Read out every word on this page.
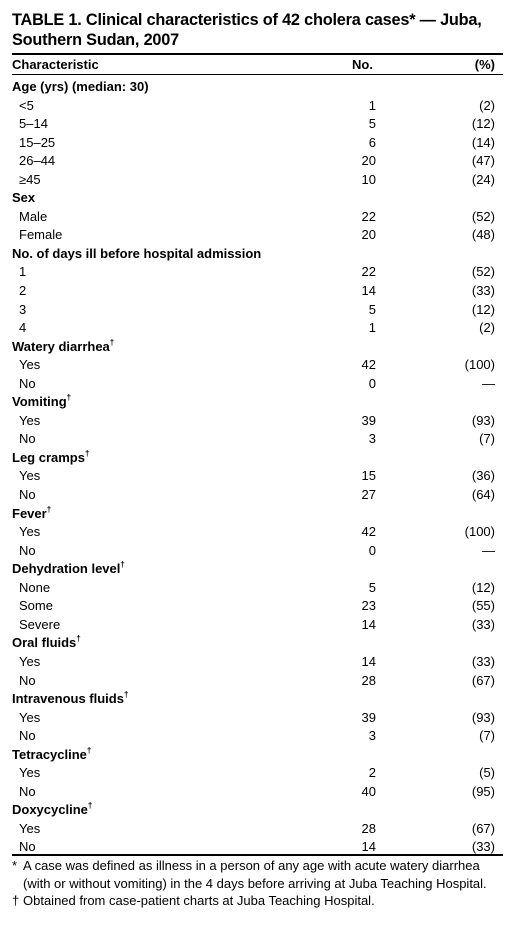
TABLE 1. Clinical characteristics of 42 cholera cases* — Juba, Southern Sudan, 2007
Characteristic	No.	(%)
Age (yrs) (median: 30)
<5	1	(2)
5–14	5	(12)
15–25	6	(14)
26–44	20	(47)
≥45	10	(24)
Sex
Male	22	(52)
Female	20	(48)
No. of days ill before hospital admission
1	22	(52)
2	14	(33)
3	5	(12)
4	1	(2)
Watery diarrhea†
Yes	42	(100)
No	0	—
Vomiting†
Yes	39	(93)
No	3	(7)
Leg cramps†
Yes	15	(36)
No	27	(64)
Fever†
Yes	42	(100)
No	0	—
Dehydration level†
None	5	(12)
Some	23	(55)
Severe	14	(33)
Oral fluids†
Yes	14	(33)
No	28	(67)
Intravenous fluids†
Yes	39	(93)
No	3	(7)
Tetracycline†
Yes	2	(5)
No	40	(95)
Doxycycline†
Yes	28	(67)
No	14	(33)
* A case was defined as illness in a person of any age with acute watery diarrhea (with or without vomiting) in the 4 days before arriving at Juba Teaching Hospital.
† Obtained from case-patient charts at Juba Teaching Hospital.
